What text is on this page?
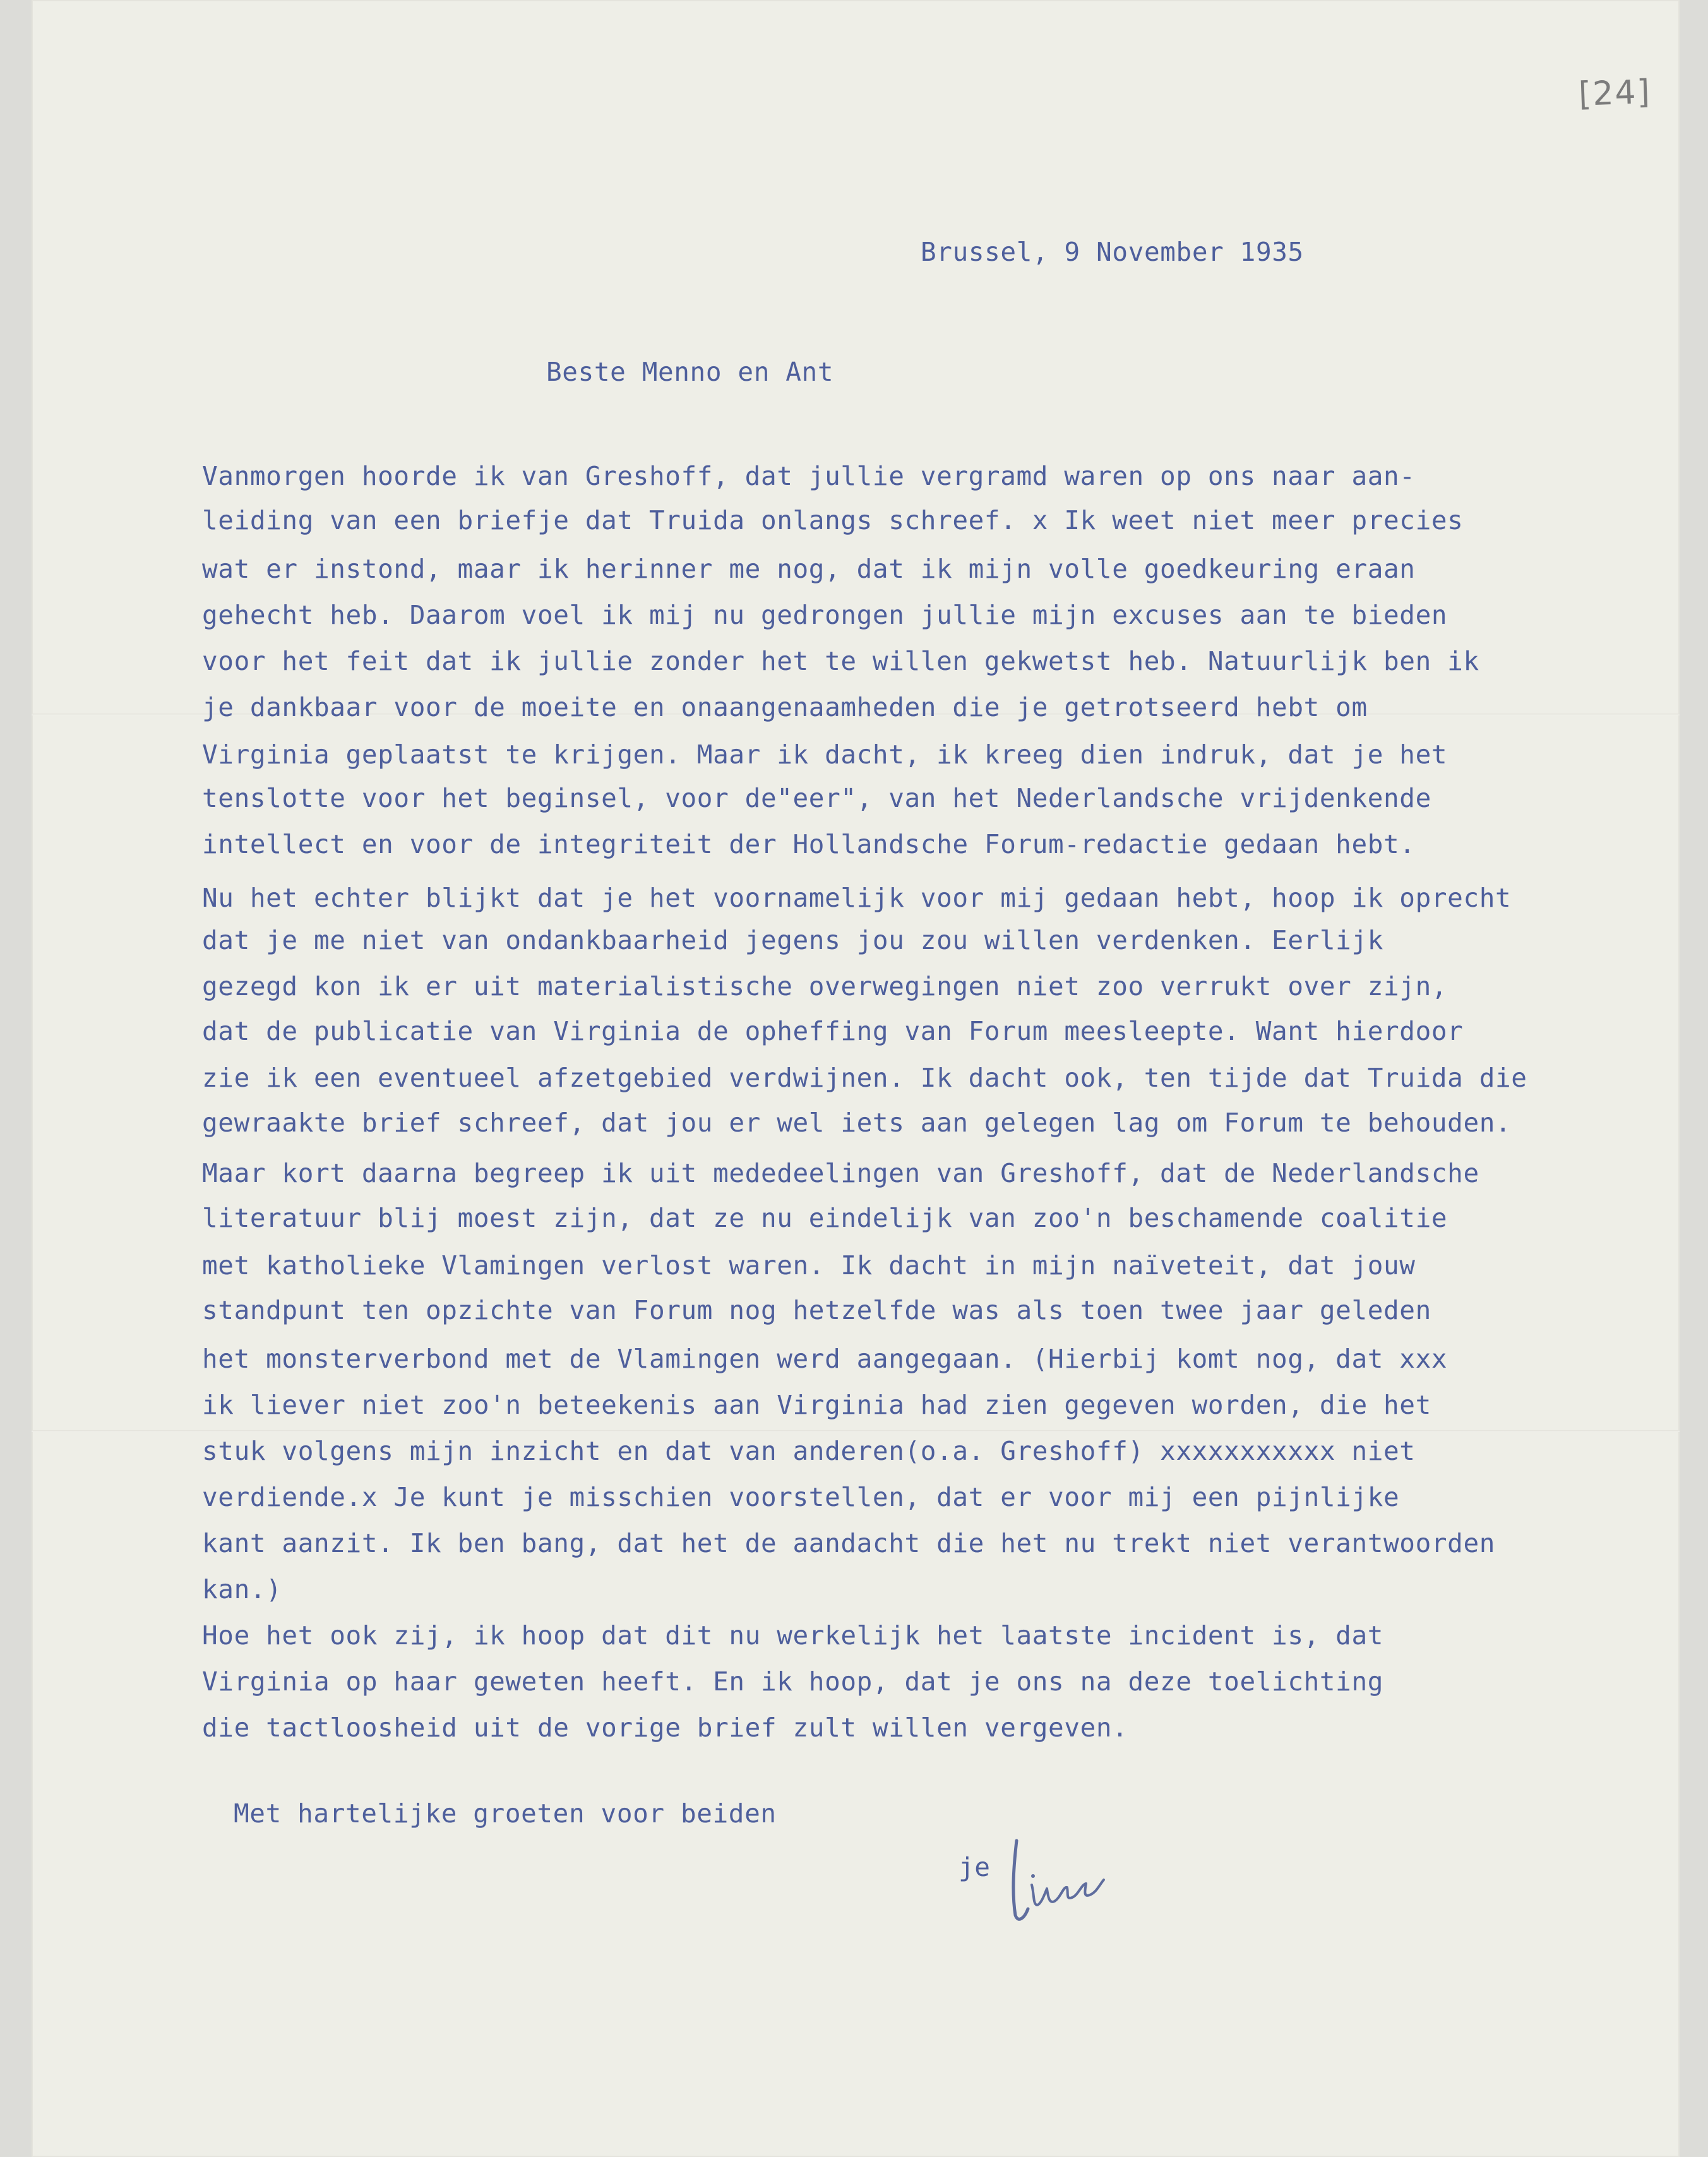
[24]
Brussel, 9 November 1935
Beste Menno en Ant
Vanmorgen hoorde ik van Greshoff, dat jullie vergramd waren op ons naar aan-
leiding van een briefje dat Truida onlangs schreef. x Ik weet niet meer precies
wat er instond, maar ik herinner me nog, dat ik mijn volle goedkeuring eraan
gehecht heb. Daarom voel ik mij nu gedrongen jullie mijn excuses aan te bieden
voor het feit dat ik jullie zonder het te willen gekwetst heb. Natuurlijk ben ik
je dankbaar voor de moeite en onaangenaamheden die je getrotseerd hebt om
Virginia geplaatst te krijgen. Maar ik dacht, ik kreeg dien indruk, dat je het
tenslotte voor het beginsel, voor de"eer", van het Nederlandsche vrijdenkende
intellect en voor de integriteit der Hollandsche Forum-redactie gedaan hebt.
Nu het echter blijkt dat je het voornamelijk voor mij gedaan hebt, hoop ik oprecht
dat je me niet van ondankbaarheid jegens jou zou willen verdenken. Eerlijk
gezegd kon ik er uit materialistische overwegingen niet zoo verrukt over zijn,
dat de publicatie van Virginia de opheffing van Forum meesleepte. Want hierdoor
zie ik een eventueel afzetgebied verdwijnen. Ik dacht ook, ten tijde dat Truida die
gewraakte brief schreef, dat jou er wel iets aan gelegen lag om Forum te behouden.
Maar kort daarna begreep ik uit mededeelingen van Greshoff, dat de Nederlandsche
literatuur blij moest zijn, dat ze nu eindelijk van zoo'n beschamende coalitie
met katholieke Vlamingen verlost waren. Ik dacht in mijn naïveteit, dat jouw
standpunt ten opzichte van Forum nog hetzelfde was als toen twee jaar geleden
het monsterverbond met de Vlamingen werd aangegaan. (Hierbij komt nog, dat xxx
ik liever niet zoo'n beteekenis aan Virginia had zien gegeven worden, die het
stuk volgens mijn inzicht en dat van anderen(o.a. Greshoff) xxxxxxxxxxx niet
verdiende.x Je kunt je misschien voorstellen, dat er voor mij een pijnlijke
kant aanzit. Ik ben bang, dat het de aandacht die het nu trekt niet verantwoorden
kan.)
Hoe het ook zij, ik hoop dat dit nu werkelijk het laatste incident is, dat
Virginia op haar geweten heeft. En ik hoop, dat je ons na deze toelichting
die tactloosheid uit de vorige brief zult willen vergeven.
Met hartelijke groeten voor beiden
je
